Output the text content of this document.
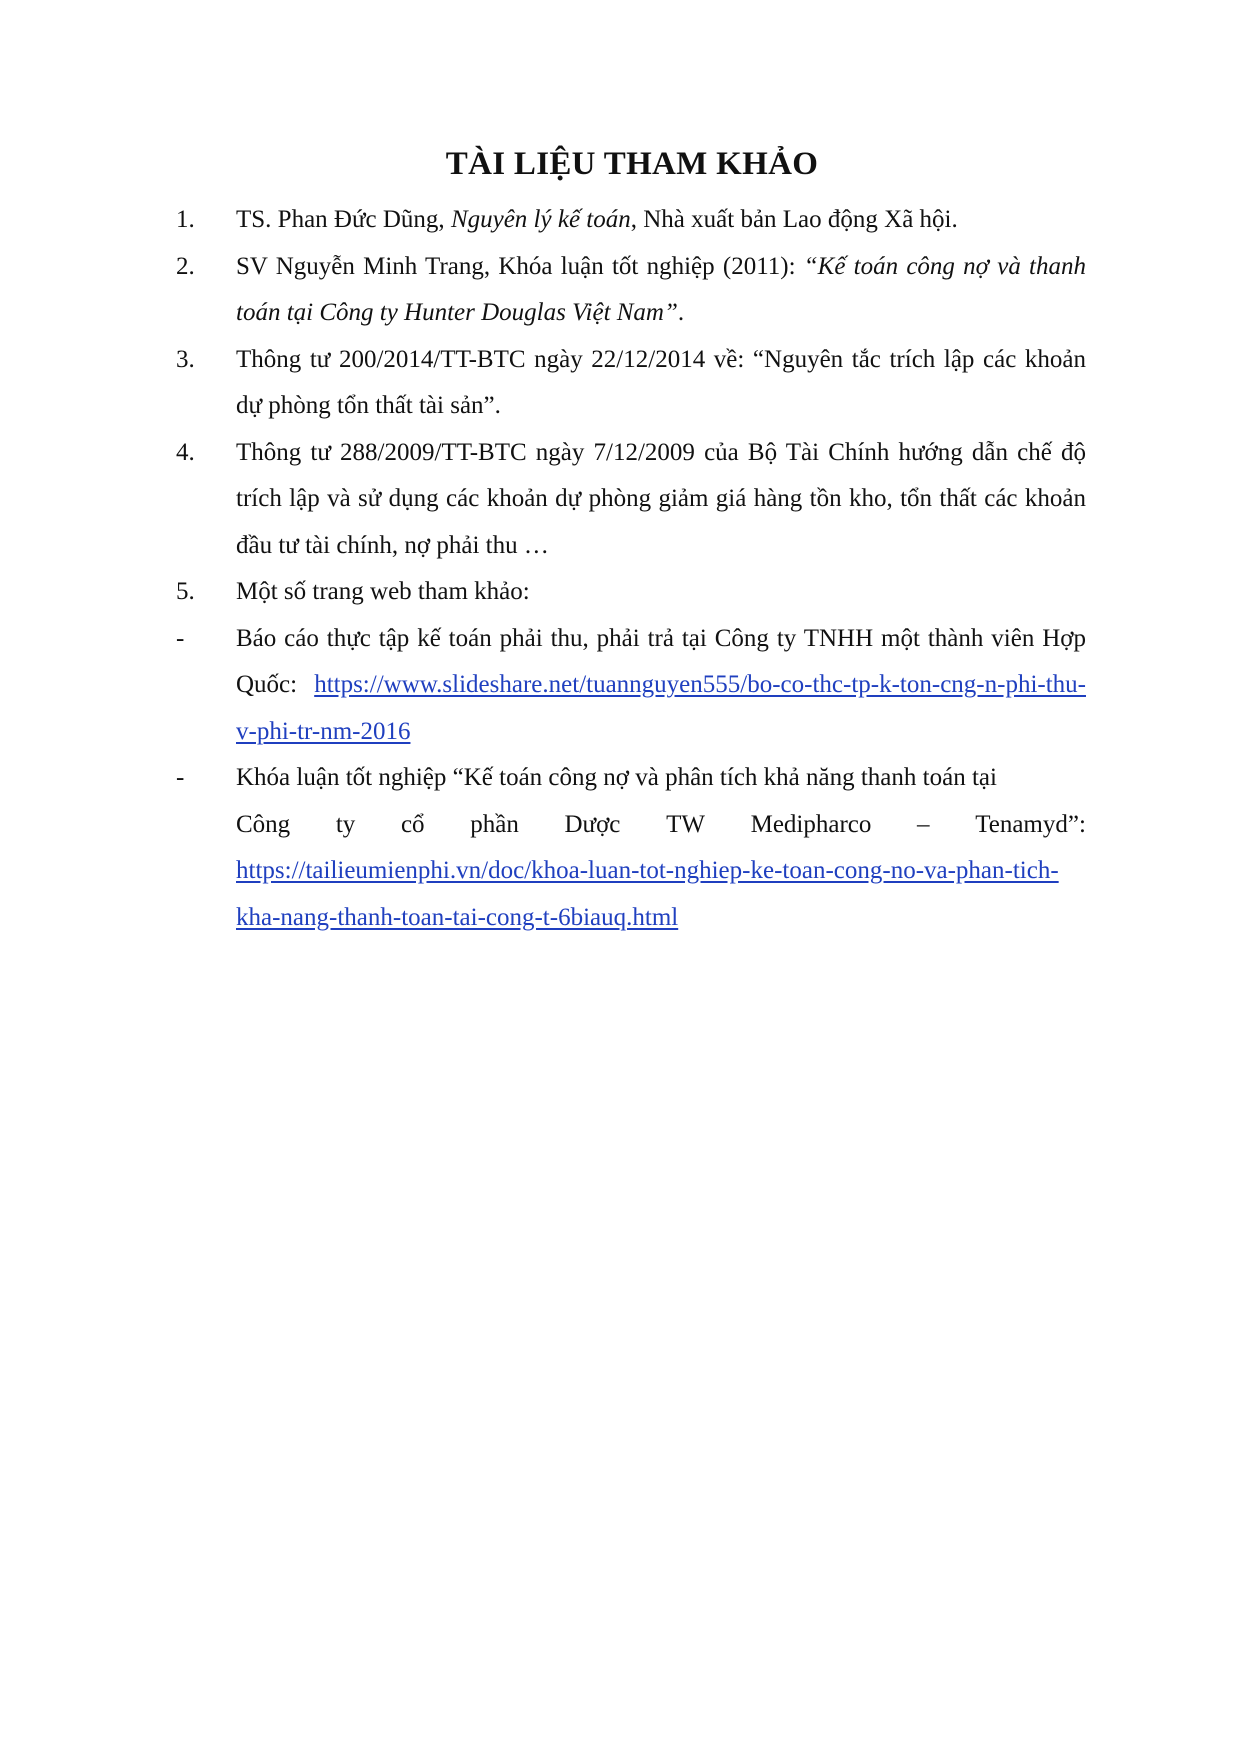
TÀI LIỆU THAM KHẢO
1.	TS. Phan Đức Dũng, Nguyên lý kế toán, Nhà xuất bản Lao động Xã hội.
2.	SV Nguyễn Minh Trang, Khóa luận tốt nghiệp (2011): “Kế toán công nợ và thanh toán tại Công ty Hunter Douglas Việt Nam”.
3.	Thông tư 200/2014/TT-BTC ngày 22/12/2014 về: “Nguyên tắc trích lập các khoản dự phòng tổn thất tài sản”.
4.	Thông tư 288/2009/TT-BTC ngày 7/12/2009 của Bộ Tài Chính hướng dẫn chế độ trích lập và sử dụng các khoản dự phòng giảm giá hàng tồn kho, tổn thất các khoản đầu tư tài chính, nợ phải thu …
5.	Một số trang web tham khảo:
-	Báo cáo thực tập kế toán phải thu, phải trả tại Công ty TNHH một thành viên Hợp Quốc: https://www.slideshare.net/tuannguyen555/bo-co-thc-tp-k-ton-cng-n-phi-thu-v-phi-tr-nm-2016
-	Khóa luận tốt nghiệp “Kế toán công nợ và phân tích khả năng thanh toán tại
Công ty cổ phần Dược TW Medipharco – Tenamyd”:
https://tailieumienphi.vn/doc/khoa-luan-tot-nghiep-ke-toan-cong-no-va-phan-tich-kha-nang-thanh-toan-tai-cong-t-6biauq.html
